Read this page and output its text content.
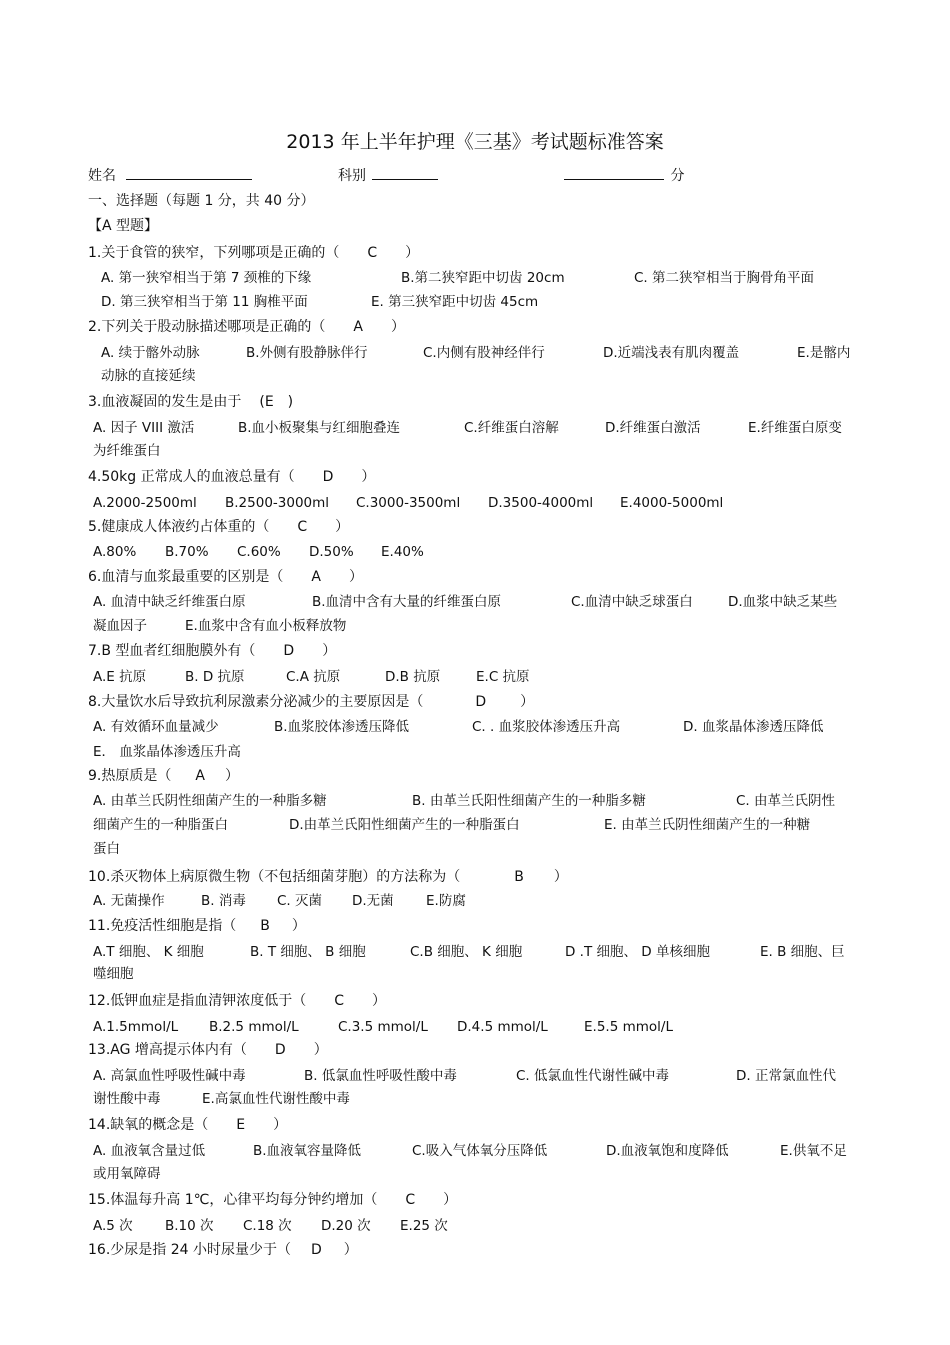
2013 年上半年护理《三基》考试题标准答案
姓名	科别	分
一、选择题（每题 1 分，共 40 分）
【A 型题】
1.关于食管的狭窄，下列哪项是正确的（ C ）
A. 第一狭窄相当于第 7 颈椎的下缘	B.第二狭窄距中切齿 20cm	C. 第二狭窄相当于胸骨角平面
D. 第三狭窄相当于第 11 胸椎平面	E. 第三狭窄距中切齿 45cm
2.下列关于股动脉描述哪项是正确的（ A ）
A. 续于髂外动脉	B.外侧有股静脉伴行	C.内侧有股神经伴行	D.近端浅表有肌肉覆盖	E.是髂内
动脉的直接延续
3.血液凝固的发生是由于 (E )
A. 因子 VIII 激活	B.血小板聚集与红细胞叠连	C.纤维蛋白溶解	D.纤维蛋白激活	E.纤维蛋白原变
为纤维蛋白
4.50kg 正常成人的血液总量有（ D ）
A.2000-2500ml B.2500-3000ml C.3000-3500ml D.3500-4000ml E.4000-5000ml
5.健康成人体液约占体重的（ C ）
A.80% B.70% C.60% D.50% E.40%
6.血清与血浆最重要的区别是（ A ）
A. 血清中缺乏纤维蛋白原	B.血清中含有大量的纤维蛋白原	C.血清中缺乏球蛋白	D.血浆中缺乏某些
凝血因子	E.血浆中含有血小板释放物
7.B 型血者红细胞膜外有（ D ）
A.E 抗原	B. D 抗原	C.A 抗原	D.B 抗原	E.C 抗原
8.大量饮水后导致抗利尿激素分泌减少的主要原因是（	D ）
A. 有效循环血量减少	B.血浆胶体渗透压降低	C. . 血浆胶体渗透压升高	D. 血浆晶体渗透压降低
E． 血浆晶体渗透压升高
9.热原质是（ A ）
A. 由革兰氏阴性细菌产生的一种脂多糖	B. 由革兰氏阳性细菌产生的一种脂多糖	C. 由革兰氏阴性
细菌产生的一种脂蛋白	D.由革兰氏阳性细菌产生的一种脂蛋白	E. 由革兰氏阴性细菌产生的一种糖
蛋白
10.杀灭物体上病原微生物（不包括细菌芽胞）的方法称为（	B ）
A. 无菌操作	B. 消毒 C. 灭菌 D.无菌 E.防腐
11.免疫活性细胞是指（ B ）
A.T 细胞、 K 细胞	B. T 细胞、 B 细胞	C.B 细胞、 K 细胞	D .T 细胞、 D 单核细胞	E. B 细胞、巨
噬细胞
12.低钾血症是指血清钾浓度低于（ C ）
A.1.5mmol/L B.2.5 mmol/L	C.3.5 mmol/L D.4.5 mmol/L	E.5.5 mmol/L
13.AG 增高提示体内有（ D ）
A. 高氯血性呼吸性碱中毒	B. 低氯血性呼吸性酸中毒	C. 低氯血性代谢性碱中毒	D. 正常氯血性代
谢性酸中毒	E.高氯血性代谢性酸中毒
14.缺氧的概念是（ E ）
A. 血液氧含量过低	B.血液氧容量降低	C.吸入气体氧分压降低	D.血液氧饱和度降低	E.供氧不足
或用氧障碍
15.体温每升高 1℃，心律平均每分钟约增加（ C ）
A.5 次 B.10 次 C.18 次 D.20 次 E.25 次
16.少尿是指 24 小时尿量少于（ D ）
